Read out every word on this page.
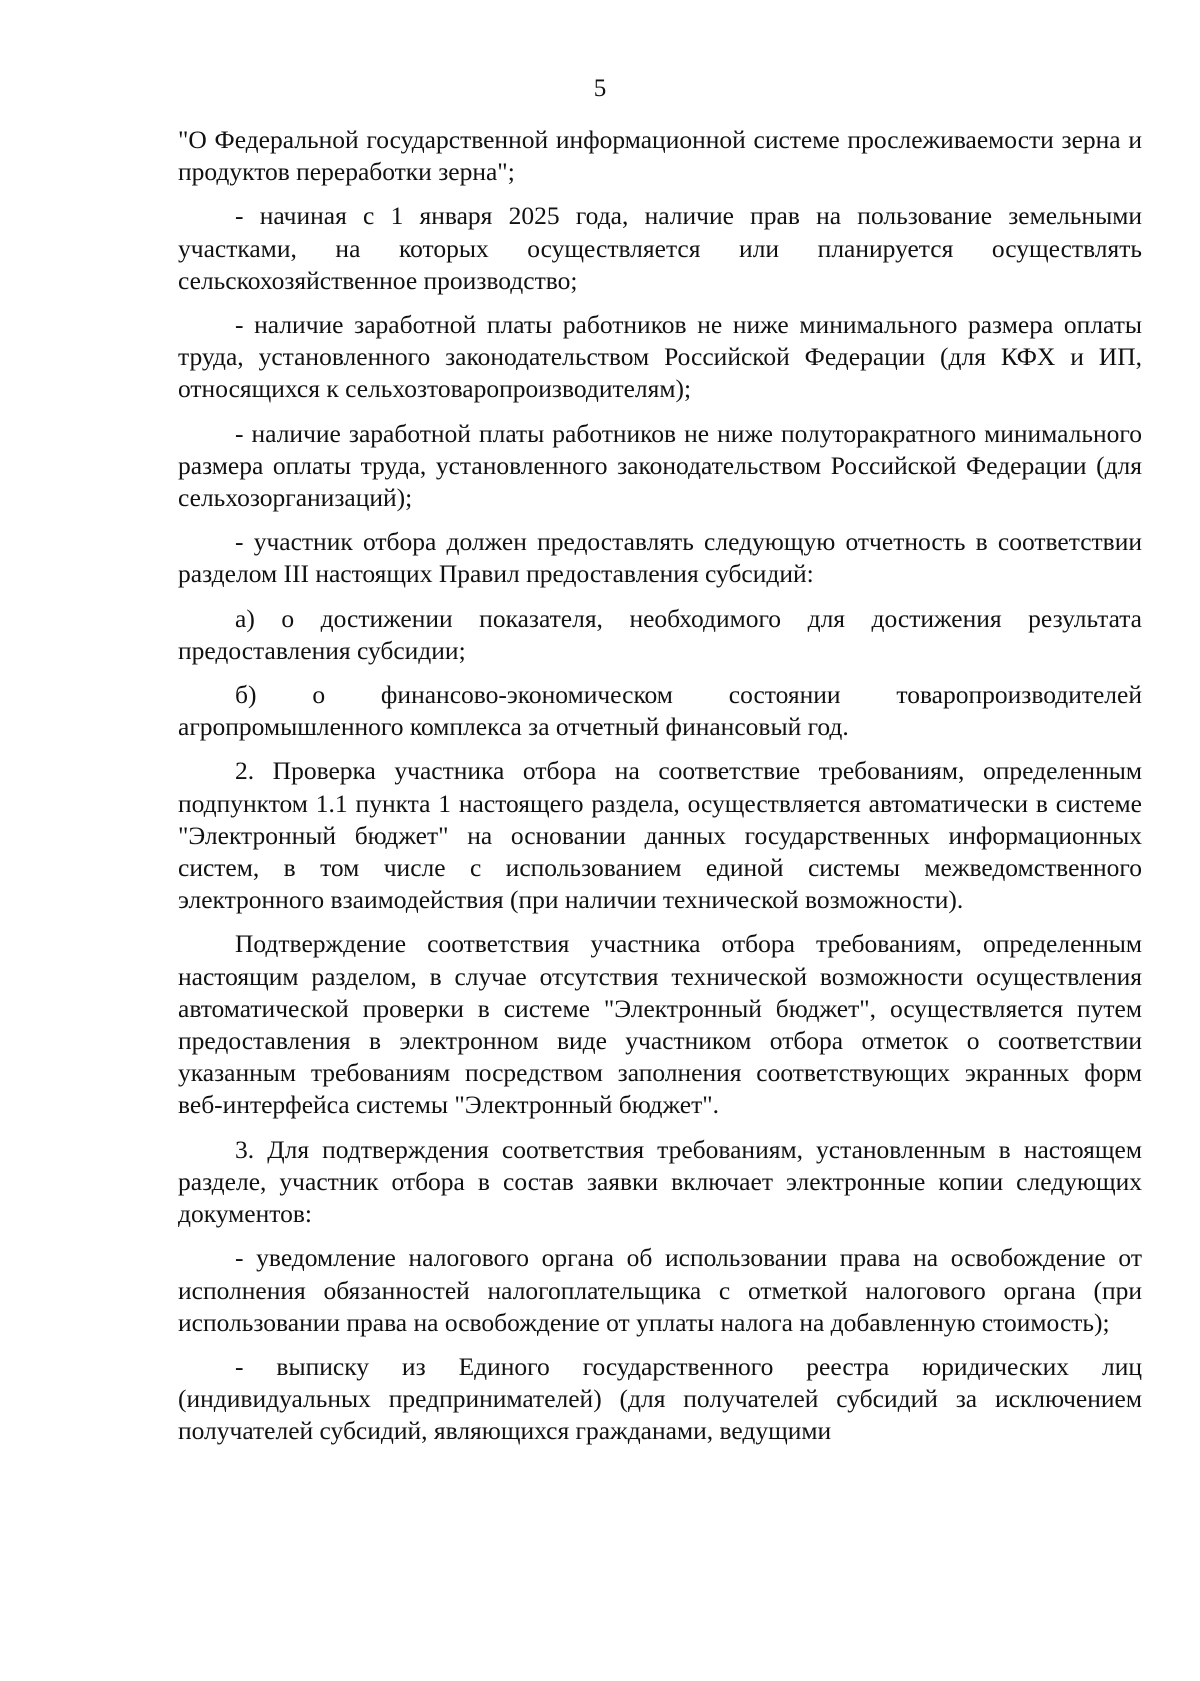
5

"О Федеральной государственной информационной системе прослеживаемости зерна и продуктов переработки зерна";

- начиная с 1 января 2025 года, наличие прав на пользование земельными участками, на которых осуществляется или планируется осуществлять сельскохозяйственное производство;

- наличие заработной платы работников не ниже минимального размера оплаты труда, установленного законодательством Российской Федерации (для КФХ и ИП, относящихся к сельхозтоваропроизводителям);

- наличие заработной платы работников не ниже полуторакратного минимального размера оплаты труда, установленного законодательством Российской Федерации (для сельхозорганизаций);

- участник отбора должен предоставлять следующую отчетность в соответствии разделом III настоящих Правил предоставления субсидий:

а) о достижении показателя, необходимого для достижения результата предоставления субсидии;

б) о финансово-экономическом состоянии товаропроизводителей агропромышленного комплекса за отчетный финансовый год.

2. Проверка участника отбора на соответствие требованиям, определенным подпунктом 1.1 пункта 1 настоящего раздела, осуществляется автоматически в системе "Электронный бюджет" на основании данных государственных информационных систем, в том числе с использованием единой системы межведомственного электронного взаимодействия (при наличии технической возможности).

Подтверждение соответствия участника отбора требованиям, определенным настоящим разделом, в случае отсутствия технической возможности осуществления автоматической проверки в системе "Электронный бюджет", осуществляется путем предоставления в электронном виде участником отбора отметок о соответствии указанным требованиям посредством заполнения соответствующих экранных форм веб-интерфейса системы "Электронный бюджет".

3. Для подтверждения соответствия требованиям, установленным в настоящем разделе, участник отбора в состав заявки включает электронные копии следующих документов:

- уведомление налогового органа об использовании права на освобождение от исполнения обязанностей налогоплательщика с отметкой налогового органа (при использовании права на освобождение от уплаты налога на добавленную стоимость);

- выписку из Единого государственного реестра юридических лиц (индивидуальных предпринимателей) (для получателей субсидий за исключением получателей субсидий, являющихся гражданами, ведущими
